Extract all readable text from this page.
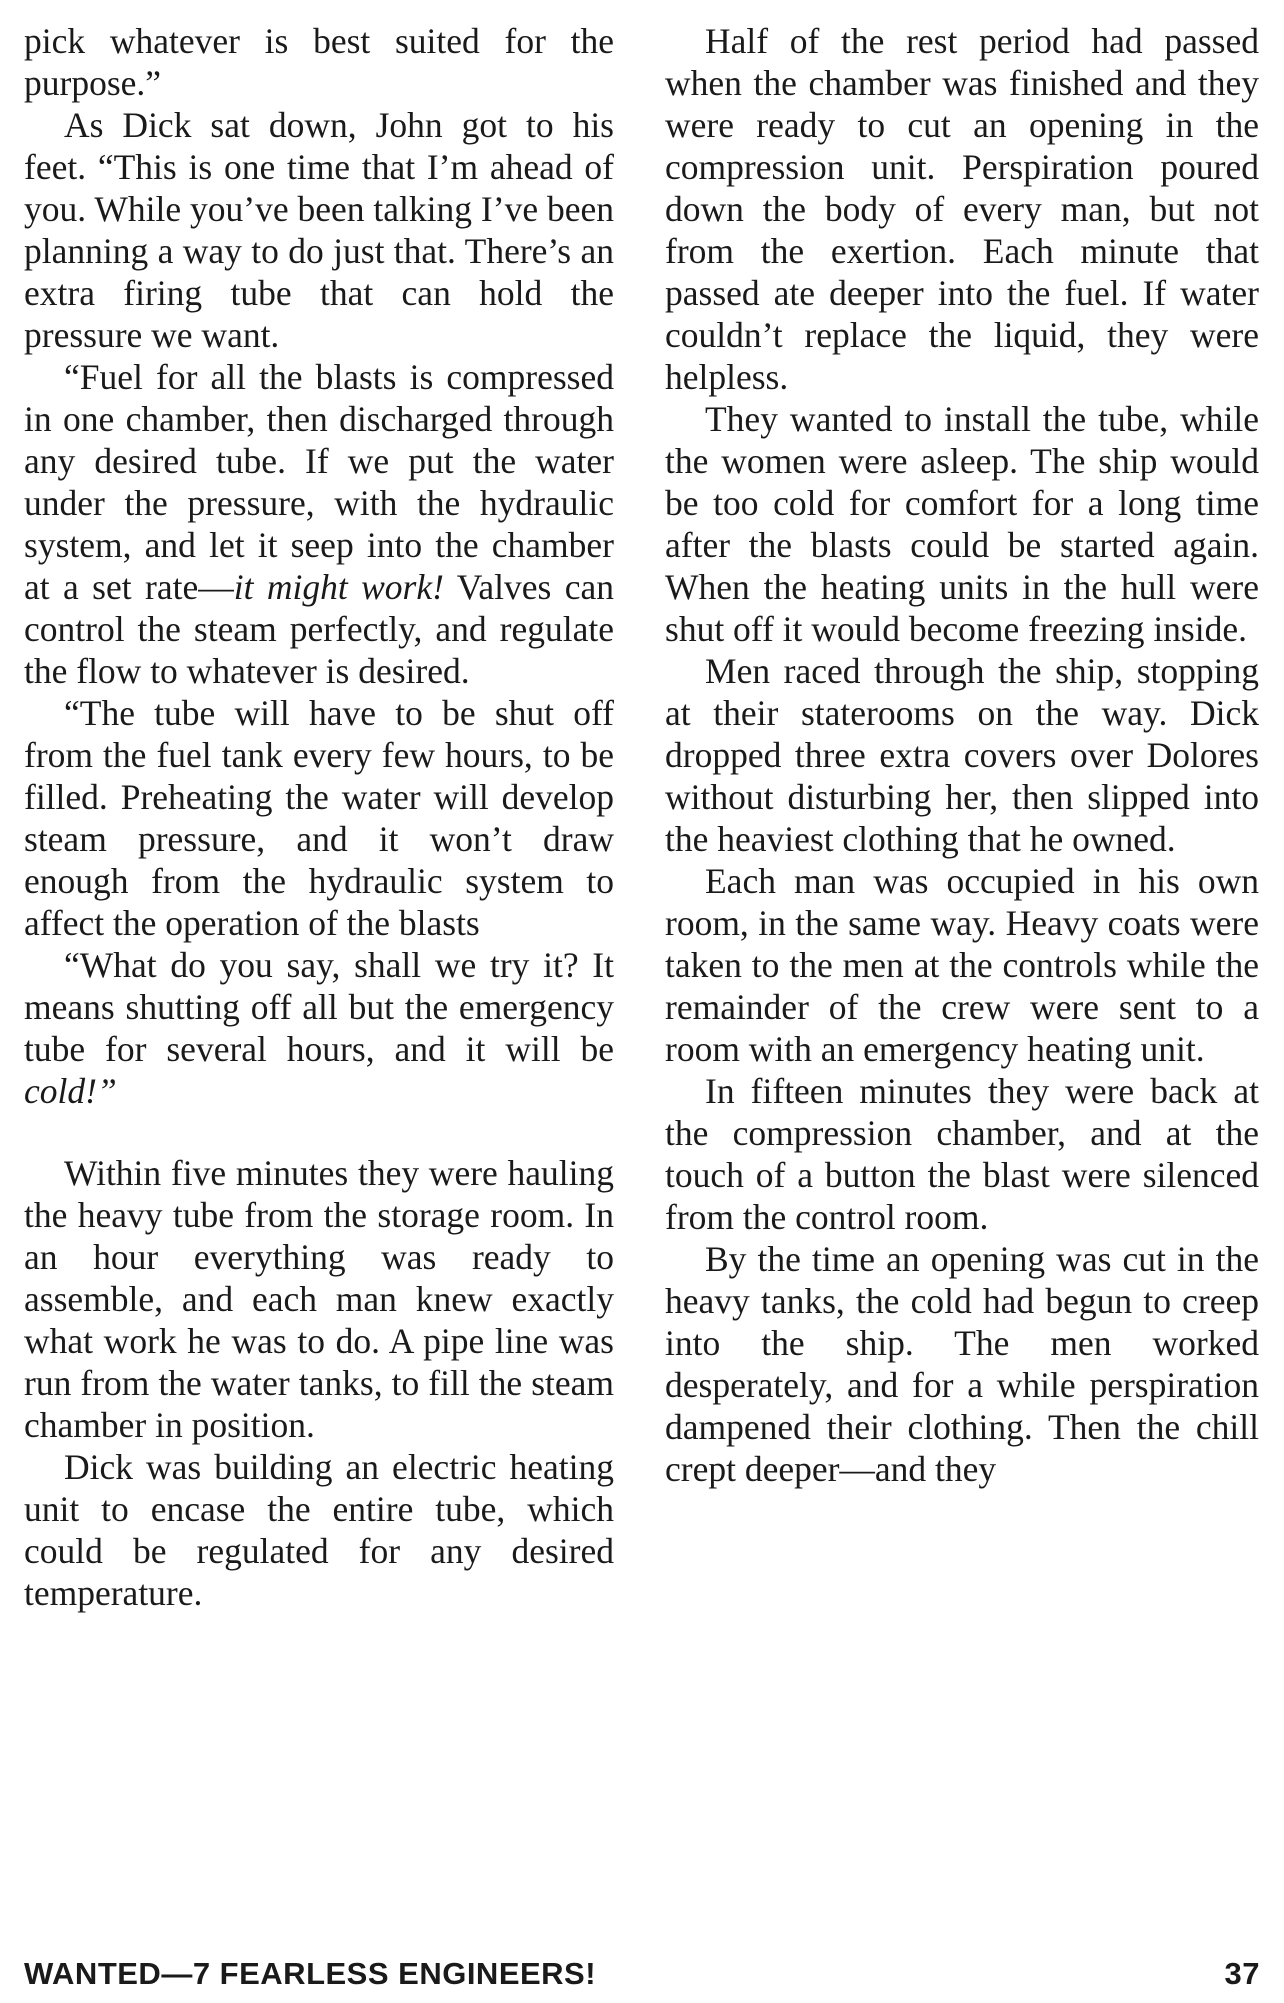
pick whatever is best suited for the purpose.”

As Dick sat down, John got to his feet. “This is one time that I’m ahead of you. While you’ve been talking I’ve been planning a way to do just that. There’s an extra firing tube that can hold the pressure we want.

“Fuel for all the blasts is compressed in one chamber, then discharged through any desired tube. If we put the water under the pressure, with the hydraulic system, and let it seep into the chamber at a set rate—it might work! Valves can control the steam perfectly, and regulate the flow to whatever is desired.

“The tube will have to be shut off from the fuel tank every few hours, to be filled. Preheating the water will develop steam pressure, and it won’t draw enough from the hydraulic system to affect the operation of the blasts

“What do you say, shall we try it? It means shutting off all but the emergency tube for several hours, and it will be cold!”

Within five minutes they were hauling the heavy tube from the storage room. In an hour everything was ready to assemble, and each man knew exactly what work he was to do. A pipe line was run from the water tanks, to fill the steam chamber in position.

Dick was building an electric heating unit to encase the entire tube, which could be regulated for any desired temperature.

Half of the rest period had passed when the chamber was finished and they were ready to cut an opening in the compression unit. Perspiration poured down the body of every man, but not from the exertion. Each minute that passed ate deeper into the fuel. If water couldn’t replace the liquid, they were helpless.

They wanted to install the tube, while the women were asleep. The ship would be too cold for comfort for a long time after the blasts could be started again. When the heating units in the hull were shut off it would become freezing inside.

Men raced through the ship, stopping at their staterooms on the way. Dick dropped three extra covers over Dolores without disturbing her, then slipped into the heaviest clothing that he owned.

Each man was occupied in his own room, in the same way. Heavy coats were taken to the men at the controls while the remainder of the crew were sent to a room with an emergency heating unit.

In fifteen minutes they were back at the compression chamber, and at the touch of a button the blast were silenced from the control room.

By the time an opening was cut in the heavy tanks, the cold had begun to creep into the ship. The men worked desperately, and for a while perspiration dampened their clothing. Then the chill crept deeper—and they

WANTED—7 FEARLESS ENGINEERS!	37
